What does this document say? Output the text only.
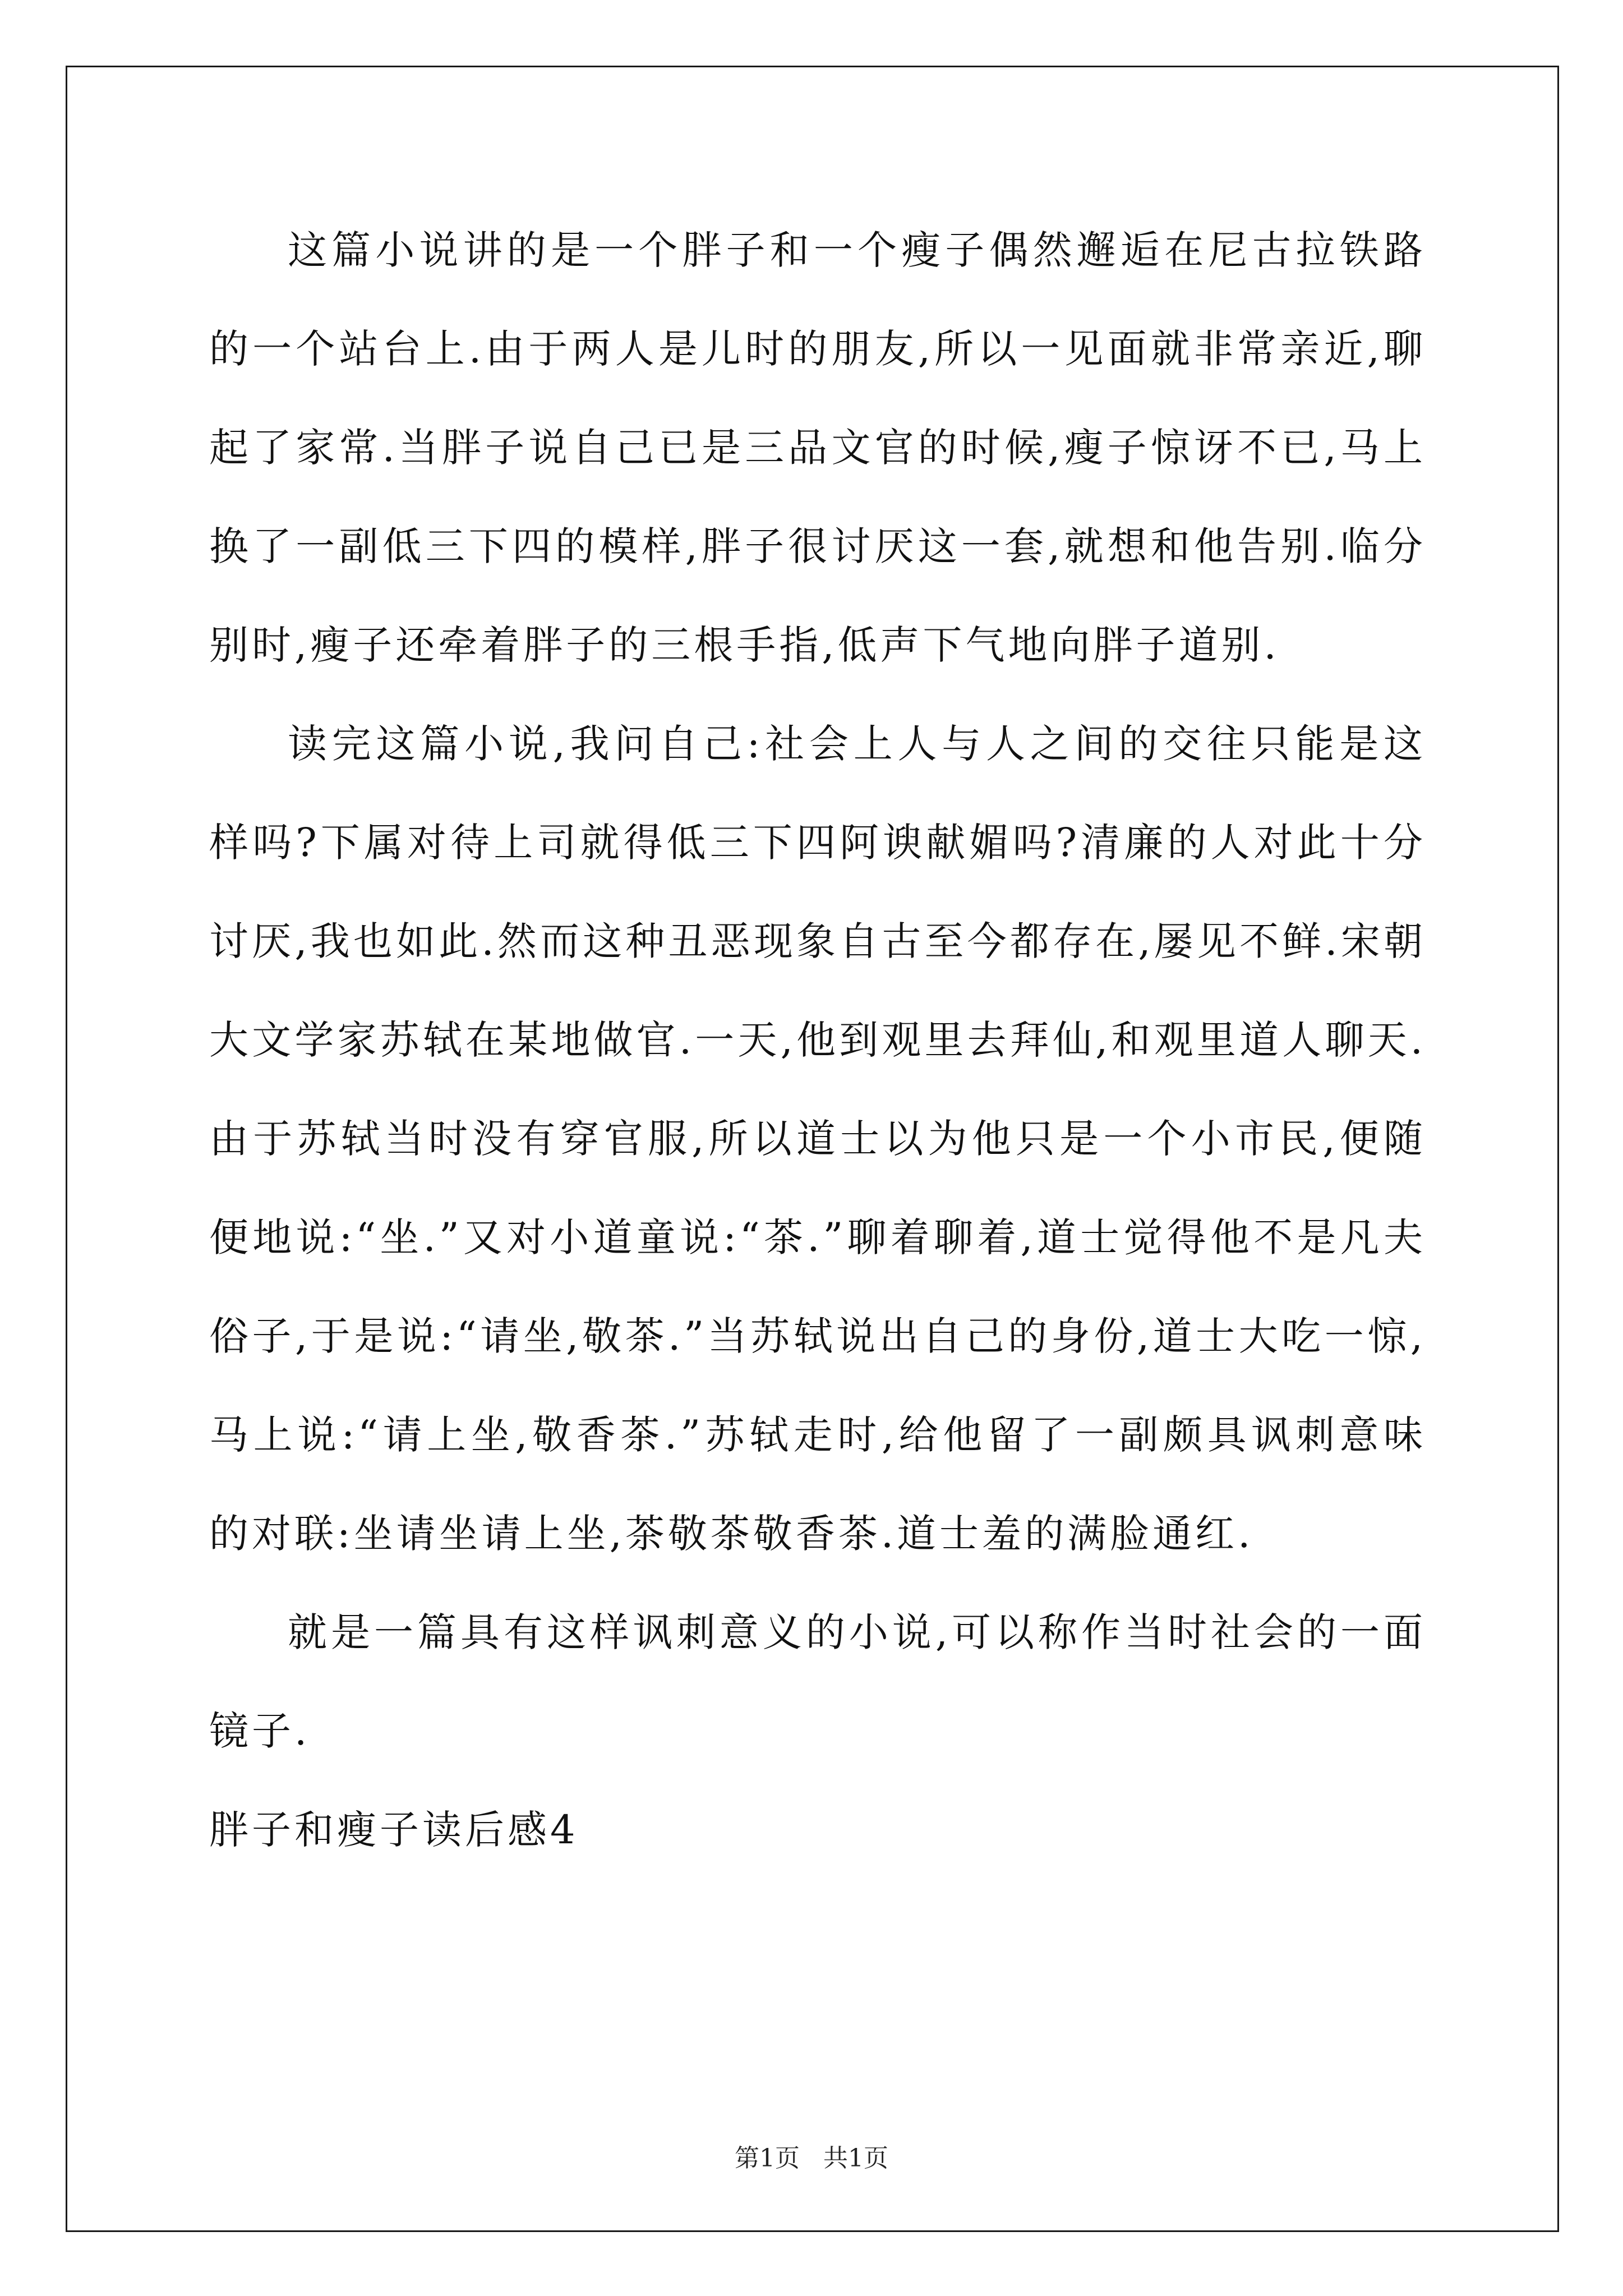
这篇小说讲的是一个胖子和一个瘦子偶然邂逅在尼古拉铁路的一个站台上.由于两人是儿时的朋友,所以一见面就非常亲近,聊起了家常.当胖子说自己已是三品文官的时候,瘦子惊讶不已,马上换了一副低三下四的模样,胖子很讨厌这一套,就想和他告别.临分别时,瘦子还牵着胖子的三根手指,低声下气地向胖子道别.

读完这篇小说,我问自己:社会上人与人之间的交往只能是这样吗?下属对待上司就得低三下四阿谀献媚吗?清廉的人对此十分讨厌,我也如此.然而这种丑恶现象自古至今都存在,屡见不鲜.宋朝大文学家苏轼在某地做官.一天,他到观里去拜仙,和观里道人聊天.由于苏轼当时没有穿官服,所以道士以为他只是一个小市民,便随便地说:“坐.”又对小道童说:“茶.”聊着聊着,道士觉得他不是凡夫俗子,于是说:“请坐,敬茶.”当苏轼说出自己的身份,道士大吃一惊,马上说:“请上坐,敬香茶.”苏轼走时,给他留了一副颇具讽刺意味的对联:坐请坐请上坐,茶敬茶敬香茶.道士羞的满脸通红.

就是一篇具有这样讽刺意义的小说,可以称作当时社会的一面镜子.

胖子和瘦子读后感4

第1页 共1页
